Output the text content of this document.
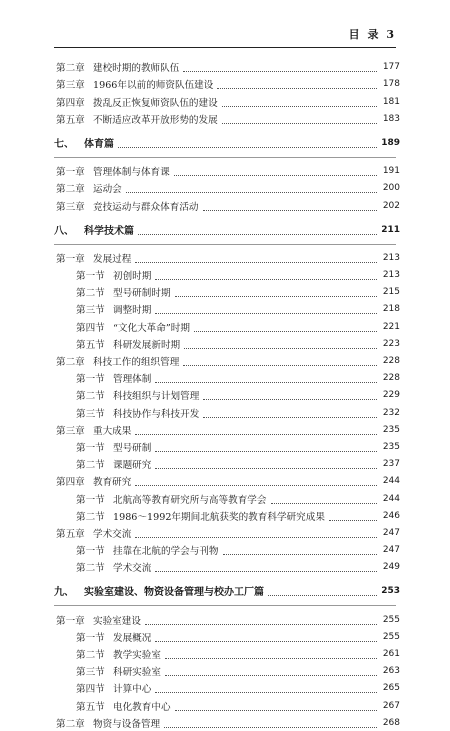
目 录 3
第二章 建校时期的教师队伍	177
第三章 1966年以前的师资队伍建设	178
第四章 拨乱反正恢复师资队伍的建设	181
第五章 不断适应改革开放形势的发展	183
七、 体育篇	189
第一章 管理体制与体育课	191
第二章 运动会	200
第三章 竞技运动与群众体育活动	202
八、 科学技术篇	211
第一章 发展过程	213
第一节 初创时期	213
第二节 型号研制时期	215
第三节 调整时期	218
第四节 “文化大革命”时期	221
第五节 科研发展新时期	223
第二章 科技工作的组织管理	228
第一节 管理体制	228
第二节 科技组织与计划管理	229
第三节 科技协作与科技开发	232
第三章 重大成果	235
第一节 型号研制	235
第二节 课题研究	237
第四章 教育研究	244
第一节 北航高等教育研究所与高等教育学会	244
第二节 1986～1992年期间北航获奖的教育科学研究成果	246
第五章 学术交流	247
第一节 挂靠在北航的学会与刊物	247
第二节 学术交流	249
九、 实验室建设、物资设备管理与校办工厂篇	253
第一章 实验室建设	255
第一节 发展概况	255
第二节 教学实验室	261
第三节 科研实验室	263
第四节 计算中心	265
第五节 电化教育中心	267
第二章 物资与设备管理	268
